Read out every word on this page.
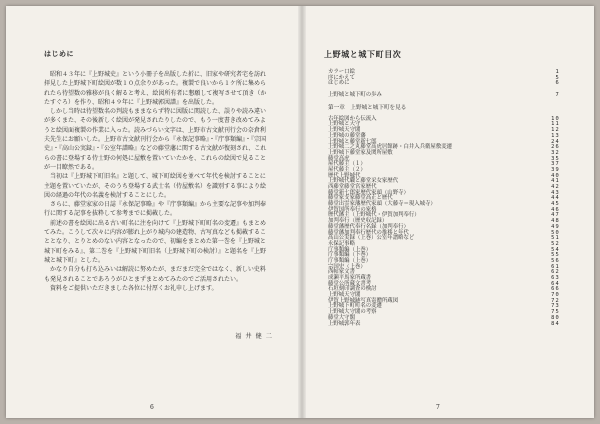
はじめに

昭和４３年に『上野城史』という小冊子を出版した折に、旧家や研究者宅を訪れ拝見した上野城下町絵図が数１０点余りがあった。複製で良いから１ケ所に集められたら待望数の雅移が良く解ると考え、絵図所有者に懇願して複写させて頂き（かたすぐろ）を作り、昭和４９年に『上野城郭図譜』を出版した。

しかし当時は待望数名の判読もままならず特に図版に関読した、誤りや読み違いが多くまた、その後新しく絵図が発見されたりしたので、もう一度書き改めてみようと絵図面複製の作業に入った。読みづらい文字は、上野市古文献刊行会の奈倉利夫先生にお願いした。上野市古文献刊行会から『永保記事略』・『庁事類編』・『宗国史』・『高山公実録』・『公室年譜略』などの藤堂藩に関する古文献が復刻され、これらの書に登場する侍士野の何処に屋敷を置いていたかを、これらの絵図で見ることが一目瞭然である。

当初は『上野城下町旧名』と題して、城下町絵図を並べて年代を検討することに主題を置いていたが、そのうち登場する武士名（侍屋敷名）を識別する事により絵図の経過の年代の名義を検討することにした。

さらに、藤堂家家の日誌『永保記事略』や『庁事類編』から主要な記事や加判奉行に関する記事を抜粋して参考までに掲載した。

前述の書を絵図に出る古い町名に注を向けて『上野城下町町名の変遷』もまとめてみた。こうして次々に内容が膨れ上がり城内の建造物、古写真なども掲載することとなり、とりとめのない内容となったので、初編をまとめた第一巻を『上野城と城下町をみる』、第二巻を『上野城下町旧名（上野城下町の検討）』と題名を『上野城と城下町』とした。

かなり自分も打ち込みいは解読に努めたが、まだまだ完全ではなく、新しい史料も発見されることであろうがひとまずまとめてみたのでご活用されたい。

資料をご提供いただきました各位に付厚くお礼申し上げます。

福井健二
6
上野城と城下町目次
カラー口絵	1
序にかえて	5
はじめに	6
上野城と城下町の歩み	7
第一章　上野城と城下町を見る
古年絵図から伝流入	10
上野城と天守	11
上野城天守閣	12
上野城の藤堂藩	13
上野城と藤堂新七郎	24
上野城二之丸藤堂高虎居館跡・白井入兵衛屋敷変遷	26
上野城下藤堂家及関所屋敷	32
藤堂高虎	35
屋代藤主（１）	37
屋代藤主（２）	39
歴代上野城代	40
上野城代職と藤堂采女家歴代	41
西藤堂藤堂宮家歴代	42
藤堂新七郎家歴代家頭（山野寺）	43
藤堂家支家藤堂高正と歴代	44
藤堂出雲家藩歴代家頭（大藤寺＝現入城寺）	45
伊賀国所奉行の家格	46
歴代藩主（上野城代・伊賀加判奉行）	47
加判奉行（歴史収記録）	48
藤堂藩歴代奉行名録（加判奉行）	49
藤堂藩加判奉行歴代の推移と年代	50
高山公実録（上巻）公室年譜略など	51
永保記事略	52
庁事類編（上巻）	54
庁事類編（下巻）	55
庁事類編（上巻）	56
宗国史（上巻）	61
西帖家文書	62
成瀬平馬家所蔵書	63
藤堂公所蔵文書考	64
石垣刻印調査の検討	66
上野城天守閣	70
伊賀上野城跡写真寄贈所蔵図	72
上野城下町町名の変遷	73
上野城大守閣の考察	75
藤堂大守閣	80
上野城郭年表	84
7
